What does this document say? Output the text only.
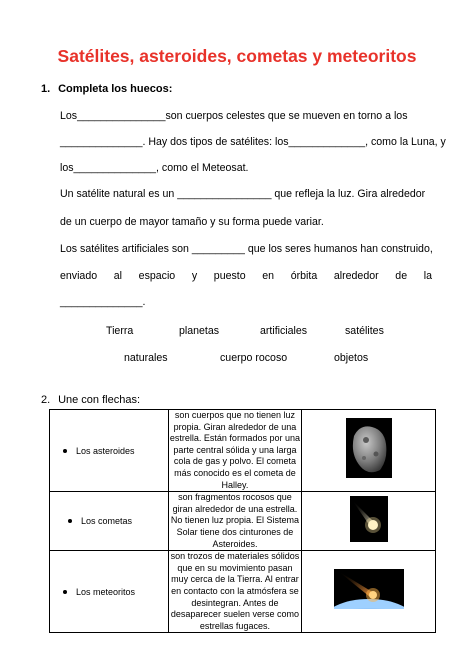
Satélites, asteroides, cometas y meteoritos
1. Completa los huecos:

Los_______________son cuerpos celestes que se mueven en torno a los

______________. Hay dos tipos de satélites: los_____________, como la Luna, y

los______________, como el Meteosat.

Un satélite natural es un ________________ que refleja la luz. Gira alrededor

de un cuerpo de mayor tamaño y su forma puede variar.

Los satélites artificiales son _________ que los seres humanos han construido,

enviado al espacio y puesto en órbita alrededor de la

______________.

Tierra	planetas	artificiales	satélites
naturales	cuerpo rocoso	objetos
2. Une con flechas:
Los asteroides	son cuerpos que no tienen luz propia. Giran alrededor de una estrella. Están formados por una parte central sólida y una larga cola de gas y polvo. El cometa más conocido es el cometa de Halley.	

Los cometas	son fragmentos rocosos que giran alrededor de una estrella. No tienen luz propia. El Sistema Solar tiene dos cinturones de Asteroides.	

Los meteoritos	son trozos de materiales sólidos que en su movimiento pasan muy cerca de la Tierra. Al entrar en contacto con la atmósfera se desintegran. Antes de desaparecer suelen verse como estrellas fugaces.	
